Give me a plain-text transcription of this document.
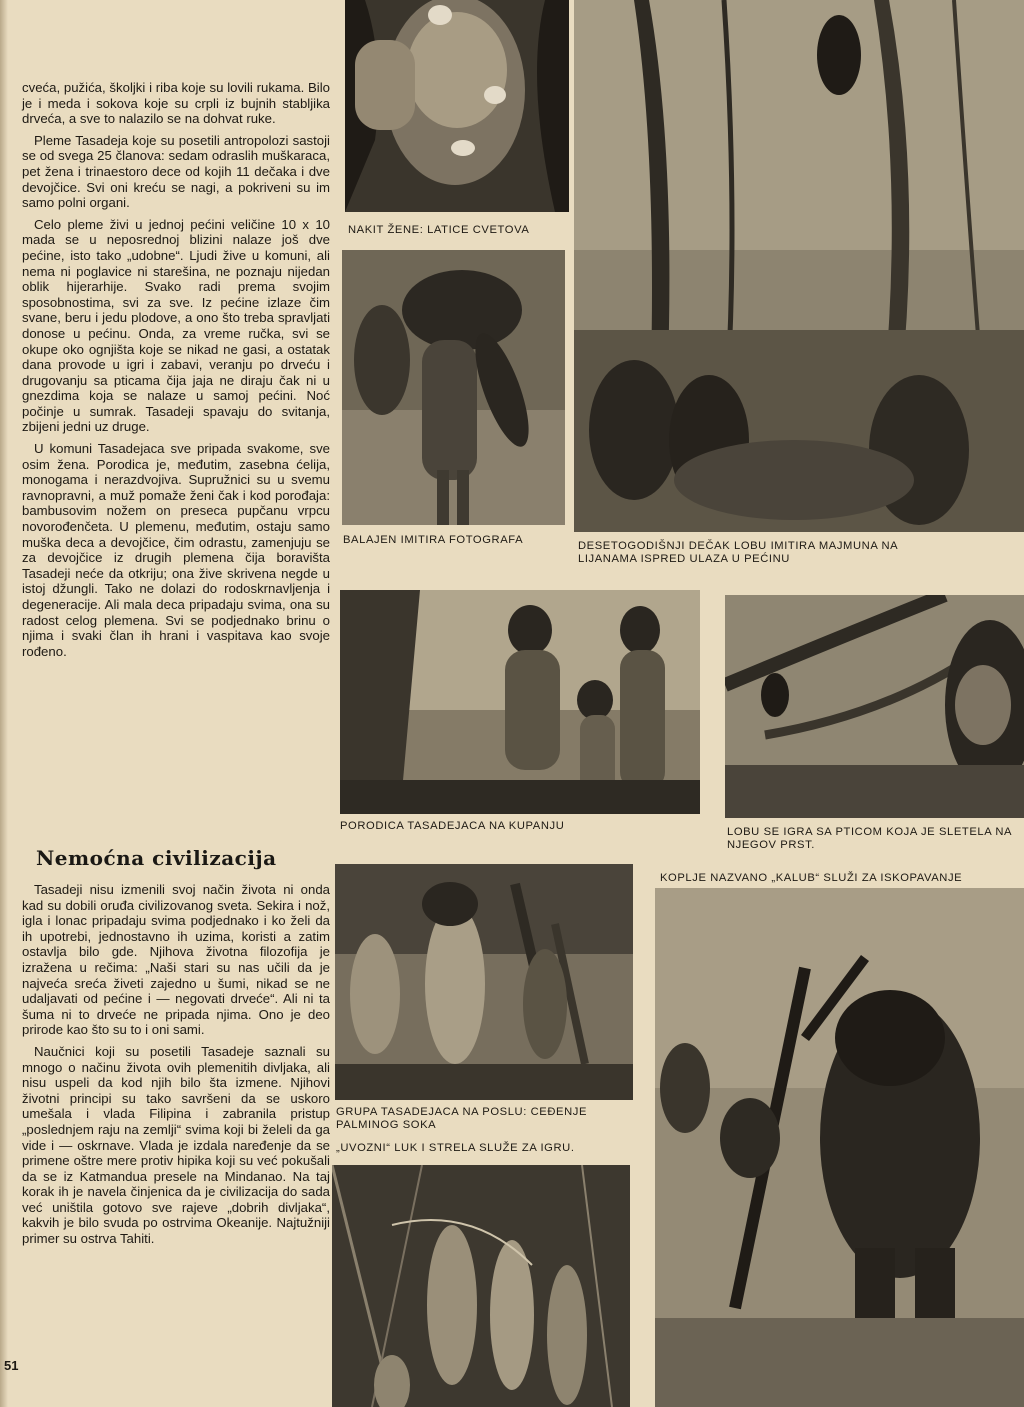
cveća, pužića, školjki i riba koje su lovili rukama. Bilo je i meda i sokova koje su crpli iz bujnih stabljika drveća, a sve to nalazilo se na dohvat ruke.

Pleme Tasadeja koje su posetili antropolozi sastoji se od svega 25 članova: sedam odraslih muškaraca, pet žena i trinaestoro dece od kojih 11 dečaka i dve devojčice. Svi oni kreću se nagi, a pokriveni su im samo polni organi.

Celo pleme živi u jednoj pećini veličine 10 x 10 mada se u neposrednoj blizini nalaze još dve pećine, isto tako „udobne“. Ljudi žive u komuni, ali nema ni poglavice ni starešina, ne poznaju nijedan oblik hijerarhije. Svako radi prema svojim sposobnostima, svi za sve. Iz pećine izlaze čim svane, beru i jedu plodove, a ono što treba spravljati donose u pećinu. Onda, za vreme ručka, svi se okupe oko ognjišta koje se nikad ne gasi, a ostatak dana provode u igri i zabavi, veranju po drveću i drugovanju sa pticama čija jaja ne diraju čak ni u gnezdima koja se nalaze u samoj pećini. Noć počinje u sumrak. Tasadeji spavaju do svitanja, zbijeni jedni uz druge.

U komuni Tasadejaca sve pripada svakome, sve osim žena. Porodica je, međutim, zasebna ćelija, monogama i nerazdvojiva. Supružnici su u svemu ravnopravni, a muž pomaže ženi čak i kod porođaja: bambusovim nožem on preseca pupčanu vrpcu novorođenčeta. U plemenu, međutim, ostaju samo muška deca a devojčice, čim odrastu, zamenjuju se za devojčice iz drugih plemena čija boravišta Tasadeji neće da otkriju; ona žive skrivena negde u istoj džungli. Tako ne dolazi do rodoskrnavljenja i degeneracije. Ali mala deca pripadaju svima, ona su radost celog plemena. Svi se podjednako brinu o njima i svaki član ih hrani i vaspitava kao svoje rođeno.

Nemoćna civilizacija

Tasadeji nisu izmenili svoj način života ni onda kad su dobili oruđa civilizovanog sveta. Sekira i nož, igla i lonac pripadaju svima podjednako i ko želi da ih upotrebi, jednostavno ih uzima, koristi a zatim ostavlja bilo gde. Njihova životna filozofija je izražena u rečima: „Naši stari su nas učili da je najveća sreća živeti zajedno u šumi, nikad se ne udaljavati od pećine i — negovati drveće“. Ali ni ta šuma ni to drveće ne pripada njima. Ono je deo prirode kao što su to i oni sami.

Naučnici koji su posetili Tasadeje saznali su mnogo o načinu života ovih plemenitih divljaka, ali nisu uspeli da kod njih bilo šta izmene. Njihovi životni principi su tako savršeni da se uskoro umešala i vlada Filipina i zabranila pristup „poslednjem raju na zemlji“ svima koji bi želeli da ga vide i — oskrnave. Vlada je izdala naređenje da se primene oštre mere protiv hipika koji su već pokušali da se iz Katmandua presele na Mindanao. Na taj korak ih je navela činjenica da je civilizacija do sada već uništila gotovo sve rajeve „dobrih divljaka“, kakvih je bilo svuda po ostrvima Okeanije. Najtužniji primer su ostrva Tahiti.

51
NAKIT ŽENE: LATICE CVETOVA
BALAJEN IMITIRA FOTOGRAFA	DESETOGODIŠNJI DEČAK LOBU IMITIRA MAJMUNA NA LIJANAMA ISPRED ULAZA U PEĆINU
PORODICA TASADEJACA NA KUPANJU	LOBU SE IGRA SA PTICOM KOJA JE SLETELA NA NJEGOV PRST.
KOPLJE NAZVANO „KALUB“ SLUŽI ZA ISKOPAVANJE
GRUPA TASADEJACA NA POSLU: CEĐENJE PALMINOG SOKA
„UVOZNI“ LUK I STRELA SLUŽE ZA IGRU.
